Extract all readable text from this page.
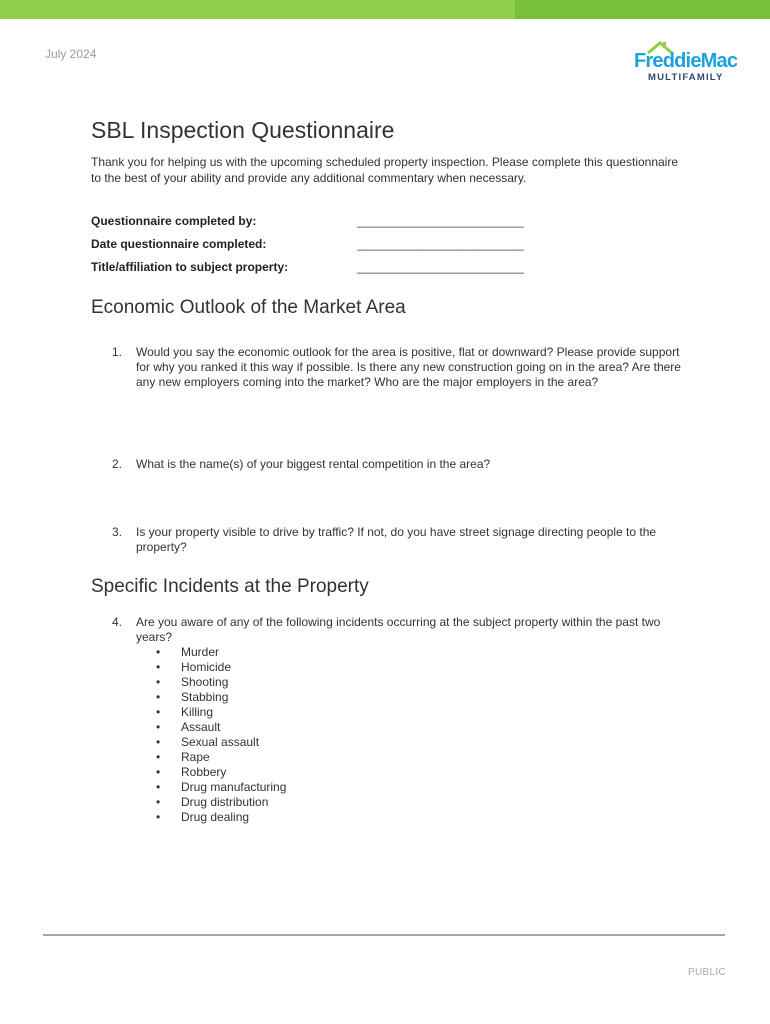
July 2024	FreddieMac
MULTIFAMILY
SBL Inspection Questionnaire

Thank you for helping us with the upcoming scheduled property inspection. Please complete this questionnaire to the best of your ability and provide any additional commentary when necessary.

Questionnaire completed by:	_________________________
Date questionnaire completed:	_________________________
Title/affiliation to subject property:	_________________________
Economic Outlook of the Market Area
1. Would you say the economic outlook for the area is positive, flat or downward? Please provide support for why you ranked it this way if possible. Is there any new construction going on in the area? Are there any new employers coming into the market? Who are the major employers in the area?
2. What is the name(s) of your biggest rental competition in the area?
3. Is your property visible to drive by traffic? If not, do you have street signage directing people to the property?
Specific Incidents at the Property
4. Are you aware of any of the following incidents occurring at the subject property within the past two years?
• Murder
• Homicide
• Shooting
• Stabbing
• Killing
• Assault
• Sexual assault
• Rape
• Robbery
• Drug manufacturing
• Drug distribution
• Drug dealing
PUBLIC
